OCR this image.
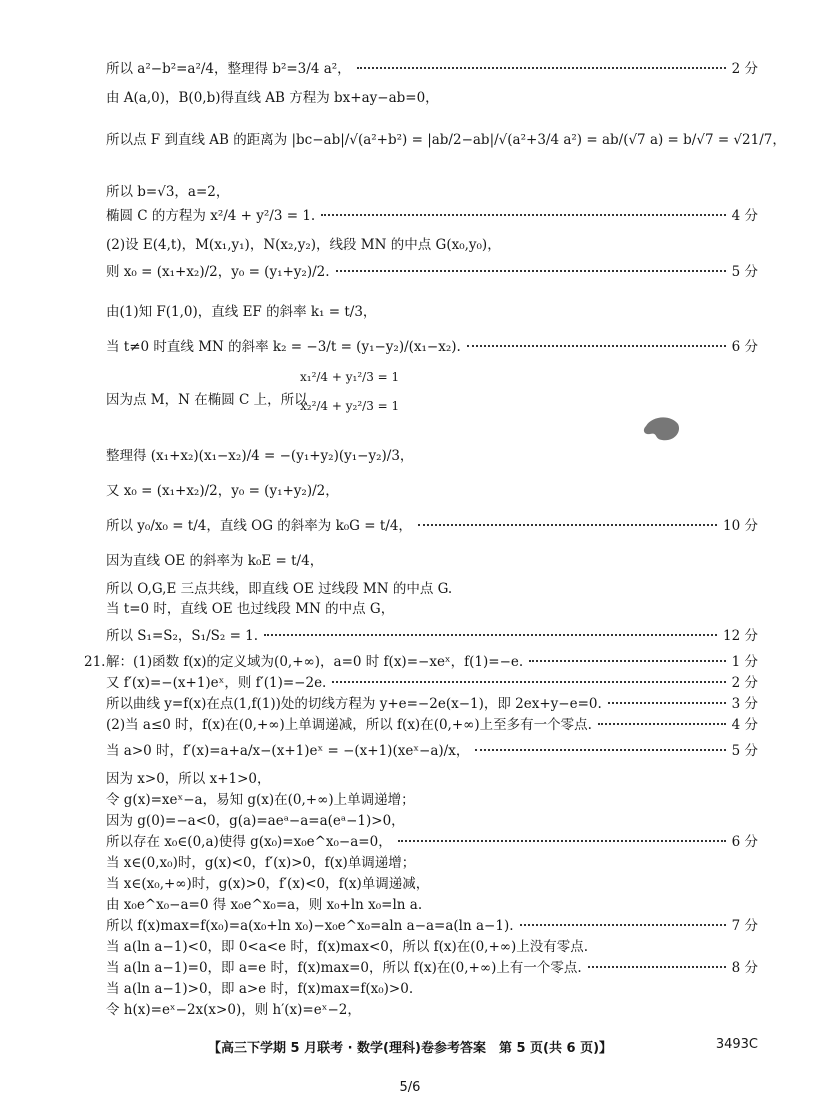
所以 a²−b²=a²/4，整理得 b²=3/4 a²，	2 分
由 A(a,0)，B(0,b)得直线 AB 方程为 bx+ay−ab=0，
所以点 F 到直线 AB 的距离为 |bc−ab|/√(a²+b²) = |ab/2−ab|/√(a²+3/4 a²) = ab/(√7 a) = b/√7 = √21/7，
所以 b=√3，a=2，
椭圆 C 的方程为 x²/4 + y²/3 = 1.	4 分
(2)设 E(4,t)，M(x₁,y₁)，N(x₂,y₂)，线段 MN 的中点 G(x₀,y₀)，
则 x₀ = (x₁+x₂)/2，y₀ = (y₁+y₂)/2.	5 分
由(1)知 F(1,0)，直线 EF 的斜率 k₁ = t/3，
当 t≠0 时直线 MN 的斜率 k₂ = −3/t = (y₁−y₂)/(x₁−x₂).	6 分
因为点 M，N 在椭圆 C 上，所以
x₁²/4 + y₁²/3 = 1
x₂²/4 + y₂²/3 = 1
整理得 (x₁+x₂)(x₁−x₂)/4 = −(y₁+y₂)(y₁−y₂)/3，
又 x₀ = (x₁+x₂)/2，y₀ = (y₁+y₂)/2，
所以 y₀/x₀ = t/4，直线 OG 的斜率为 k₀G = t/4，	10 分
因为直线 OE 的斜率为 k₀E = t/4，
所以 O,G,E 三点共线，即直线 OE 过线段 MN 的中点 G.
当 t=0 时，直线 OE 也过线段 MN 的中点 G，
所以 S₁=S₂，S₁/S₂ = 1.	12 分
21. 解：(1)函数 f(x)的定义域为(0,+∞)，a=0 时 f(x)=−xeˣ，f(1)=−e.	1 分
又 f′(x)=−(x+1)eˣ，则 f′(1)=−2e.	2 分
所以曲线 y=f(x)在点(1,f(1))处的切线方程为 y+e=−2e(x−1)，即 2ex+y−e=0.	3 分
(2)当 a≤0 时，f(x)在(0,+∞)上单调递减，所以 f(x)在(0,+∞)上至多有一个零点.	4 分
当 a>0 时，f′(x)=a+a/x−(x+1)eˣ = −(x+1)(xeˣ−a)/x，	5 分
因为 x>0，所以 x+1>0，
令 g(x)=xeˣ−a，易知 g(x)在(0,+∞)上单调递增；
因为 g(0)=−a<0，g(a)=aeᵃ−a=a(eᵃ−1)>0，
所以存在 x₀∈(0,a)使得 g(x₀)=x₀e^x₀−a=0，	6 分
当 x∈(0,x₀)时，g(x)<0，f′(x)>0，f(x)单调递增；
当 x∈(x₀,+∞)时，g(x)>0，f′(x)<0，f(x)单调递减，
由 x₀e^x₀−a=0 得 x₀e^x₀=a，则 x₀+ln x₀=ln a.
所以 f(x)max=f(x₀)=a(x₀+ln x₀)−x₀e^x₀=aln a−a=a(ln a−1).	7 分
当 a(ln a−1)<0，即 0<a<e 时，f(x)max<0，所以 f(x)在(0,+∞)上没有零点.
当 a(ln a−1)=0，即 a=e 时，f(x)max=0，所以 f(x)在(0,+∞)上有一个零点.	8 分
当 a(ln a−1)>0，即 a>e 时，f(x)max=f(x₀)>0.
令 h(x)=eˣ−2x(x>0)，则 h′(x)=eˣ−2，
【高三下学期 5 月联考 · 数学(理科)卷参考答案　第 5 页(共 6 页)】	3493C
5/6
